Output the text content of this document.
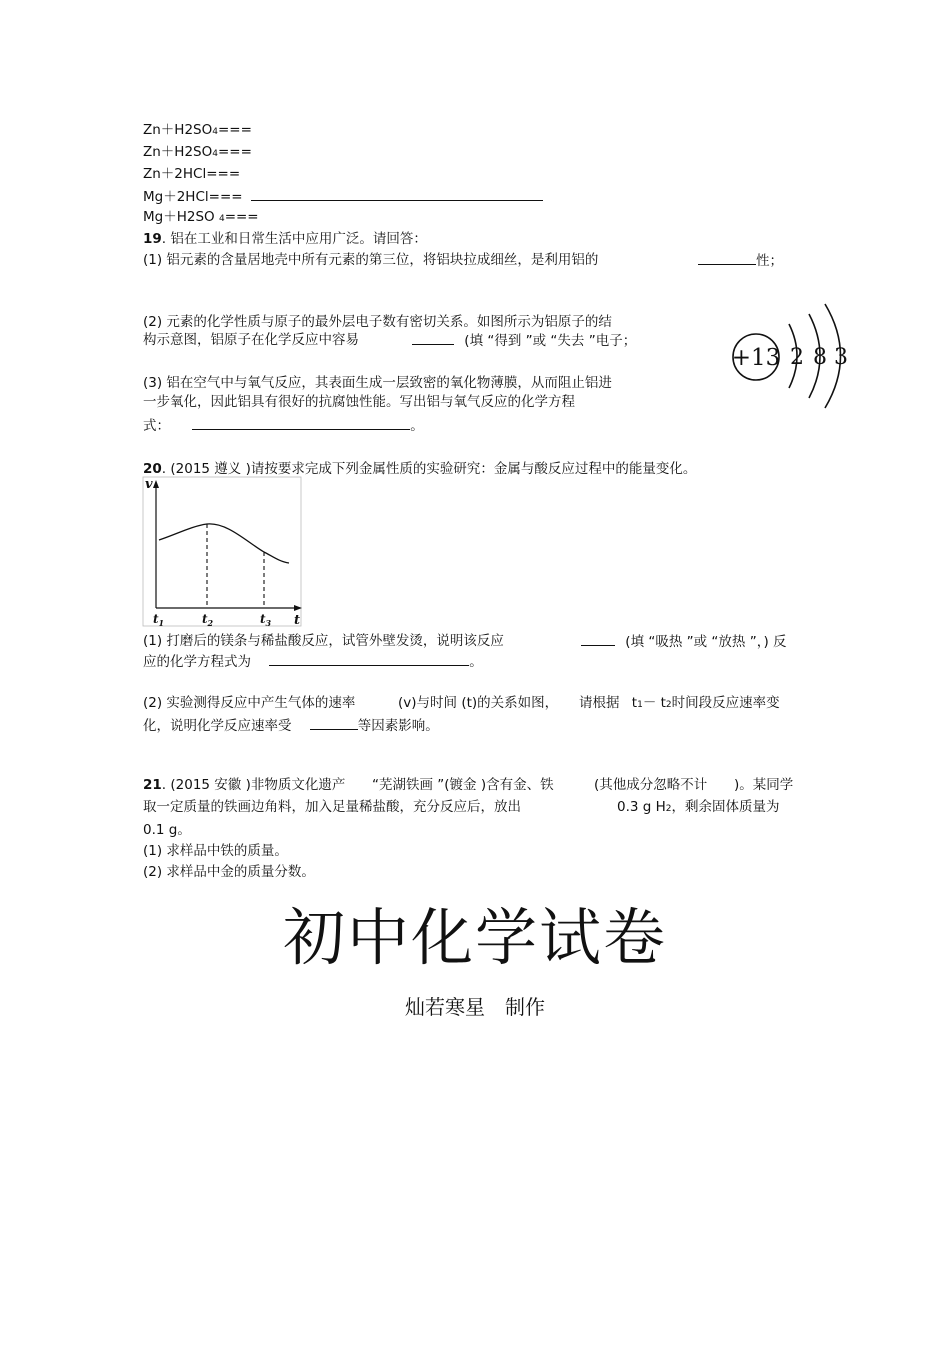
Zn＋H2SO4===
Zn＋H2SO4===
Zn＋2HCl===
Mg＋2HCl===
Mg＋H2SO 4===
19. 铝在工业和日常生活中应用广泛。请回答：
(1) 铝元素的含量居地壳中所有元素的第三位，将铝块拉成细丝，是利用铝的	性；
(2) 元素的化学性质与原子的最外层电子数有密切关系。如图所示为铝原子的结
构示意图，铝原子在化学反应中容易	(填 “得到 ”或 “失去 ”电子；
(3) 铝在空气中与氧气反应，其表面生成一层致密的氧化物薄膜，从而阻止铝进
一步氧化，因此铝具有很好的抗腐蚀性能。写出铝与氧气反应的化学方程
式：	。
+13 2 8 3
20. (2015 遵义 )请按要求完成下列金属性质的实验研究：金属与酸反应过程中的能量变化。
v
t
$t_1$	$t_2$	$t_3$
(1) 打磨后的镁条与稀盐酸反应，试管外壁发烫，说明该反应	(填 “吸热 ”或 “放热 ”，) 反
应的化学方程式为	。
(2) 实验测得反应中产生气体的速率	(v)与时间 (t)的关系如图， 请根据 t1－ t2时间段反应速率变
化，说明化学反应速率受	等因素影响。
21. (2015 安徽 )非物质文化遗产 “芜湖铁画 ”(镀金 )含有金、铁	(其他成分忽略不计 )。某同学
取一定质量的铁画边角料，加入足量稀盐酸，充分反应后，放出	0.3 g H2，剩余固体质量为
0.1 g。
(1) 求样品中铁的质量。
(2) 求样品中金的质量分数。
初中化学试卷
灿若寒星　制作
